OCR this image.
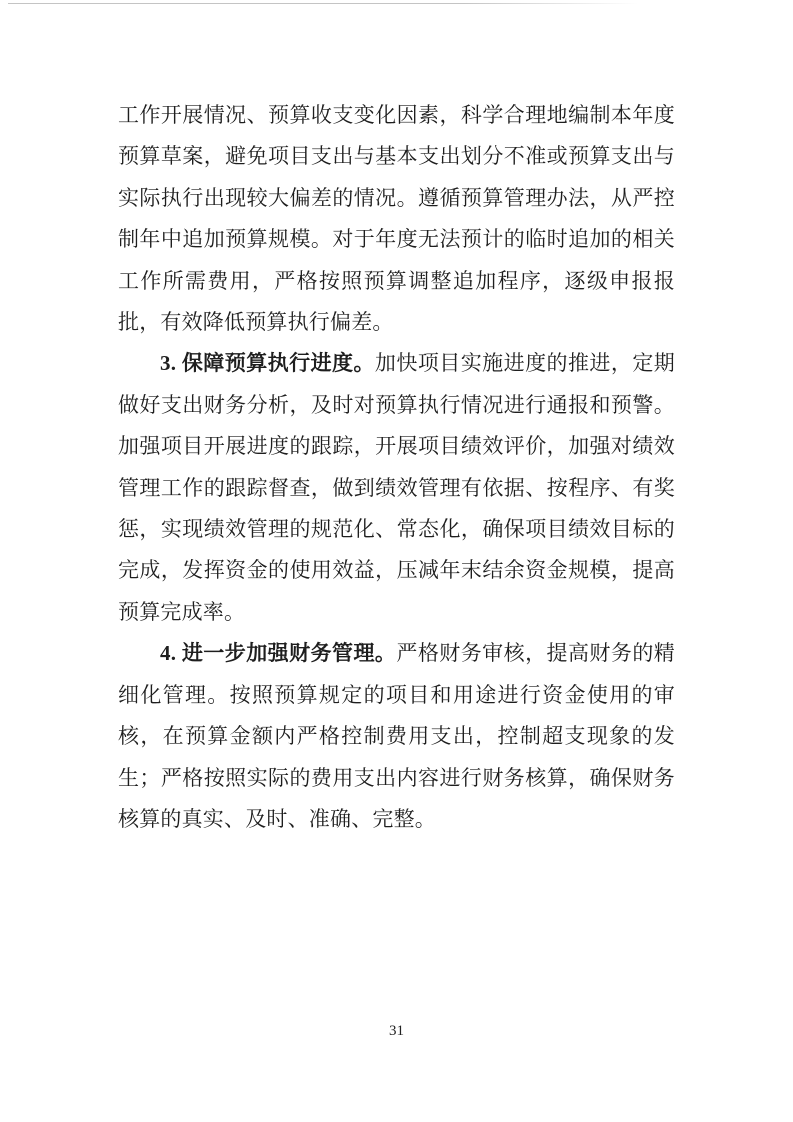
工作开展情况、预算收支变化因素，科学合理地编制本年度预算草案，避免项目支出与基本支出划分不准或预算支出与实际执行出现较大偏差的情况。遵循预算管理办法，从严控制年中追加预算规模。对于年度无法预计的临时追加的相关工作所需费用，严格按照预算调整追加程序，逐级申报报批，有效降低预算执行偏差。

3. 保障预算执行进度。加快项目实施进度的推进，定期做好支出财务分析，及时对预算执行情况进行通报和预警。加强项目开展进度的跟踪，开展项目绩效评价，加强对绩效管理工作的跟踪督查，做到绩效管理有依据、按程序、有奖惩，实现绩效管理的规范化、常态化，确保项目绩效目标的完成，发挥资金的使用效益，压减年末结余资金规模，提高预算完成率。

4. 进一步加强财务管理。严格财务审核，提高财务的精细化管理。按照预算规定的项目和用途进行资金使用的审核，在预算金额内严格控制费用支出，控制超支现象的发生；严格按照实际的费用支出内容进行财务核算，确保财务核算的真实、及时、准确、完整。

31
